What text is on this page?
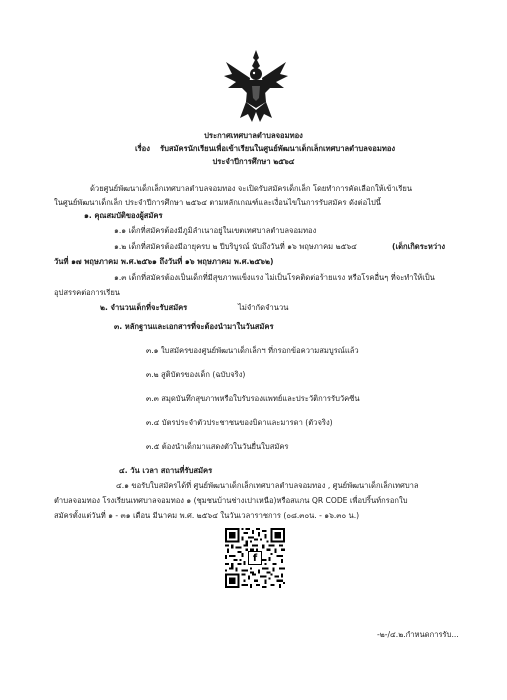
ประกาศเทศบาลตำบลจอมทอง
เรื่อง รับสมัครนักเรียนเพื่อเข้าเรียนในศูนย์พัฒนาเด็กเล็กเทศบาลตำบลจอมทอง
ประจำปีการศึกษา ๒๕๖๔
ด้วยศูนย์พัฒนาเด็กเล็กเทศบาลตำบลจอมทอง จะเปิดรับสมัครเด็กเล็ก โดยทำการคัดเลือกให้เข้าเรียน
ในศูนย์พัฒนาเด็กเล็ก ประจำปีการศึกษา ๒๕๖๔ ตามหลักเกณฑ์และเงื่อนไขในการรับสมัคร ดังต่อไปนี้
๑. คุณสมบัติของผู้สมัคร
๑.๑ เด็กที่สมัครต้องมีภูมิลำเนาอยู่ในเขตเทศบาลตำบลจอมทอง
๑.๒ เด็กที่สมัครต้องมีอายุครบ ๒ ปีบริบูรณ์ นับถึงวันที่ ๑๖ พฤษภาคม ๒๕๖๔	(เด็กเกิดระหว่าง
วันที่ ๑๗ พฤษภาคม พ.ศ.๒๕๖๑ ถึงวันที่ ๑๖ พฤษภาคม พ.ศ.๒๕๖๒)
๑.๓ เด็กที่สมัครต้องเป็นเด็กที่มีสุขภาพแข็งแรง ไม่เป็นโรคติดต่อร้ายแรง หรือโรคอื่นๆ ที่จะทำให้เป็น
อุปสรรคต่อการเรียน
๒. จำนวนเด็กที่จะรับสมัคร	ไม่จำกัดจำนวน
๓. หลักฐานและเอกสารที่จะต้องนำมาในวันสมัคร
๓.๑ ใบสมัครของศูนย์พัฒนาเด็กเล็กฯ ที่กรอกข้อความสมบูรณ์แล้ว
๓.๒ สูติบัตรของเด็ก (ฉบับจริง)
๓.๓ สมุดบันทึกสุขภาพหรือใบรับรองแพทย์และประวัติการรับวัคซีน
๓.๔ บัตรประจำตัวประชาชนของบิดาและมารดา (ตัวจริง)
๓.๕ ต้องนำเด็กมาแสดงตัวในวันยื่นใบสมัคร
๔. วัน เวลา สถานที่รับสมัคร
๔.๑ ขอรับใบสมัครได้ที่ ศูนย์พัฒนาเด็กเล็กเทศบาลตำบลจอมทอง , ศูนย์พัฒนาเด็กเล็กเทศบาล
ตำบลจอมทอง โรงเรียนเทศบาลจอมทอง ๑ (ชุมชนบ้านช่างเปาเหนือ)หรือสแกน QR CODE เพื่อปริ้นท์กรอกใบ
สมัครตั้งแต่วันที่ ๑ - ๓๑ เดือน มีนาคม พ.ศ. ๒๕๖๔ ในวันเวลาราชการ (๐๘.๓๐น. - ๑๖.๓๐ น.)
f
-๒-/๔.๒.กำหนดการรับ...
